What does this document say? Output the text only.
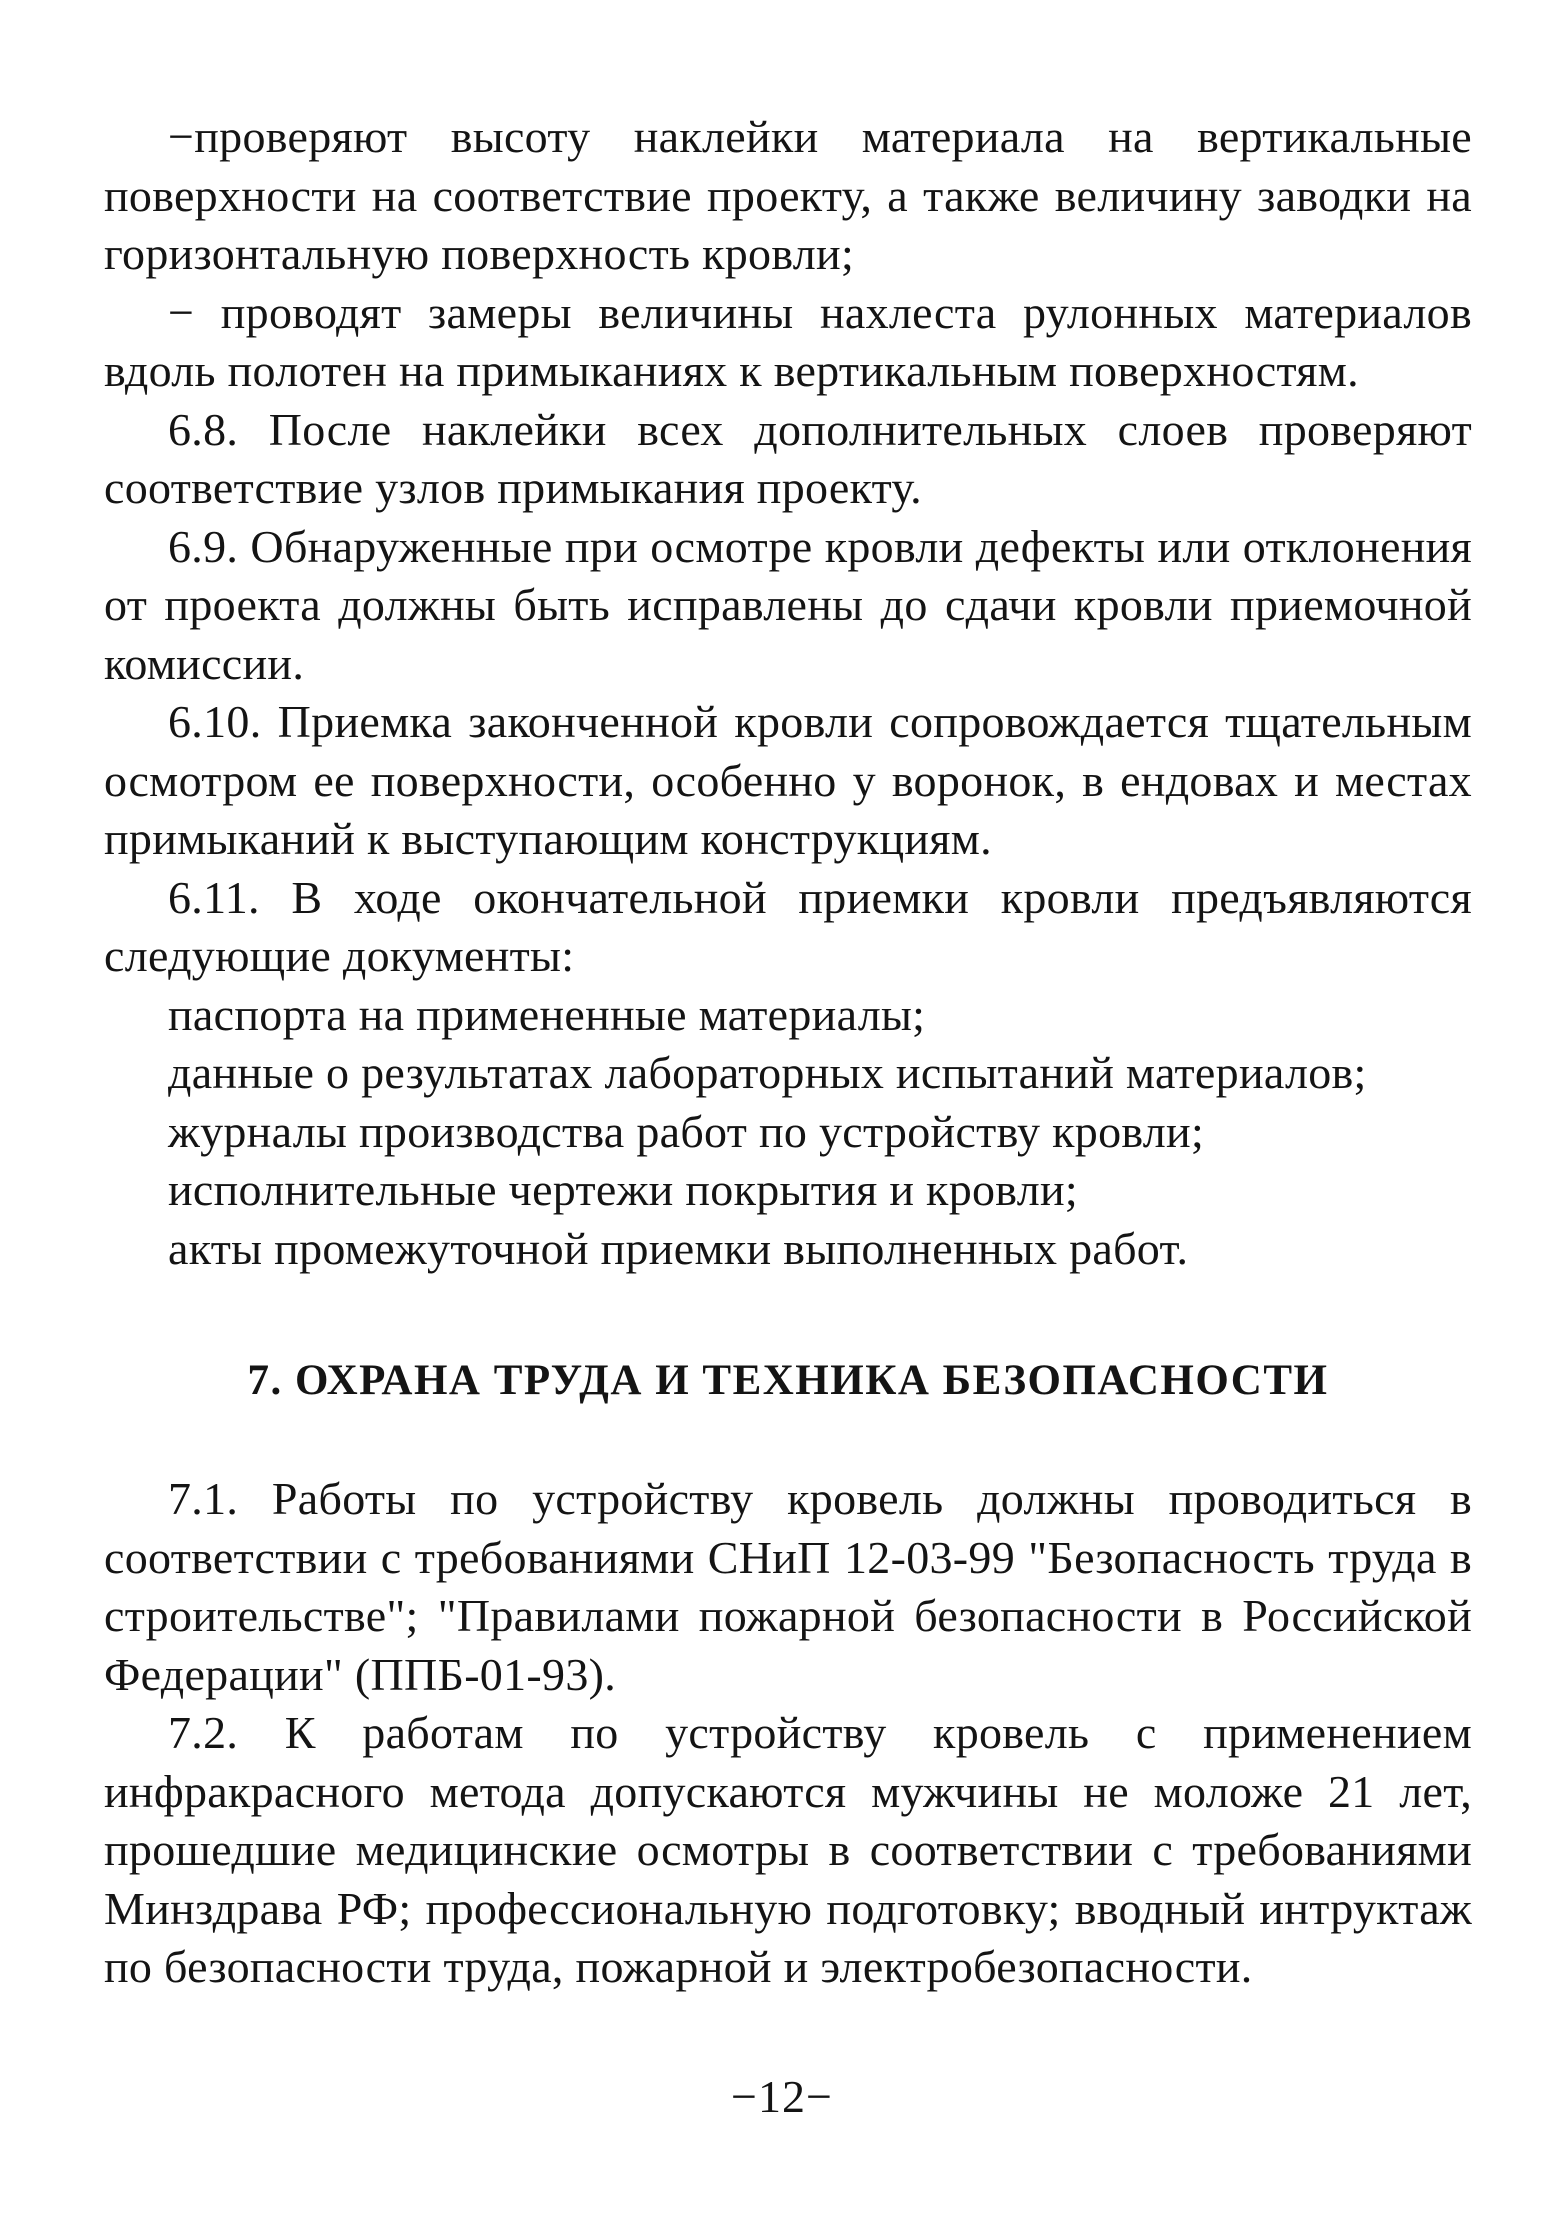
−проверяют высоту наклейки материала на вертикальные поверхности на соответствие проекту, а также величину заводки на горизонтальную поверхность кровли;

− проводят замеры величины нахлеста рулонных материалов вдоль полотен на примыканиях к вертикальным поверхностям.

6.8. После наклейки всех дополнительных слоев проверяют соответствие узлов примыкания проекту.

6.9. Обнаруженные при осмотре кровли дефекты или отклонения от проекта должны быть исправлены до сдачи кровли приемочной комиссии.

6.10. Приемка законченной кровли сопровождается тщательным осмотром ее поверхности, особенно у воронок, в ендовах и местах примыканий к выступающим конструкциям.

6.11. В ходе окончательной приемки кровли предъявляются следующие документы:

паспорта на примененные материалы;

данные о результатах лабораторных испытаний материалов;

журналы производства работ по устройству кровли;

исполнительные чертежи покрытия и кровли;

акты промежуточной приемки выполненных работ.

7. ОХРАНА ТРУДА И ТЕХНИКА БЕЗОПАСНОСТИ

7.1. Работы по устройству кровель должны проводиться в соответствии с требованиями СНиП 12-03-99 "Безопасность труда в строительстве"; "Правилами пожарной безопасности в Российской Федерации" (ППБ-01-93).

7.2. К работам по устройству кровель с применением инфракрасного метода допускаются мужчины не моложе 21 лет, прошедшие медицинские осмотры в соответствии с требованиями Минздрава РФ; профессиональную подготовку; вводный интруктаж по безопасности труда, пожарной и электробезопасности.

−12−
